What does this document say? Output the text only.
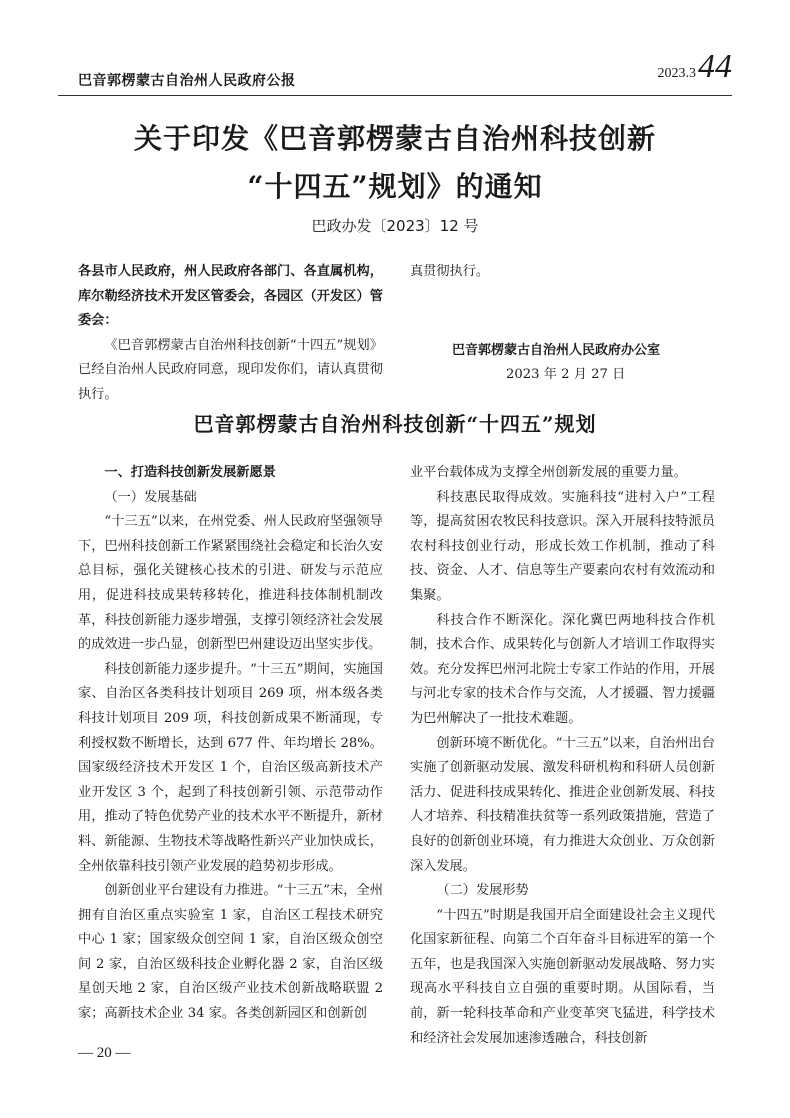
巴音郭楞蒙古自治州人民政府公报	2023.3 44
关于印发《巴音郭楞蒙古自治州科技创新
“十四五”规划》的通知
巴政办发〔2023〕12 号

各县市人民政府，州人民政府各部门、各直属机构，库尔勒经济技术开发区管委会，各园区（开发区）管委会：

《巴音郭楞蒙古自治州科技创新“十四五”规划》已经自治州人民政府同意，现印发你们，请认真贯彻执行。

真贯彻执行。

巴音郭楞蒙古自治州人民政府办公室
2023 年 2 月 27 日
巴音郭楞蒙古自治州科技创新“十四五”规划

一、打造科技创新发展新愿景

（一）发展基础

“十三五”以来，在州党委、州人民政府坚强领导下，巴州科技创新工作紧紧围绕社会稳定和长治久安总目标，强化关键核心技术的引进、研发与示范应用，促进科技成果转移转化，推进科技体制机制改革，科技创新能力逐步增强，支撑引领经济社会发展的成效进一步凸显，创新型巴州建设迈出坚实步伐。

科技创新能力逐步提升。“十三五”期间，实施国家、自治区各类科技计划项目 269 项，州本级各类科技计划项目 209 项，科技创新成果不断涌现，专利授权数不断增长，达到 677 件、年均增长 28%。国家级经济技术开发区 1 个，自治区级高新技术产业开发区 3 个，起到了科技创新引领、示范带动作用，推动了特色优势产业的技术水平不断提升，新材料、新能源、生物技术等战略性新兴产业加快成长，全州依靠科技引领产业发展的趋势初步形成。

创新创业平台建设有力推进。“十三五”末，全州拥有自治区重点实验室 1 家，自治区工程技术研究中心 1 家；国家级众创空间 1 家，自治区级众创空间 2 家，自治区级科技企业孵化器 2 家，自治区级星创天地 2 家，自治区级产业技术创新战略联盟 2 家；高新技术企业 34 家。各类创新园区和创新创

业平台载体成为支撑全州创新发展的重要力量。

科技惠民取得成效。实施科技“进村入户”工程等，提高贫困农牧民科技意识。深入开展科技特派员农村科技创业行动，形成长效工作机制，推动了科技、资金、人才、信息等生产要素向农村有效流动和集聚。

科技合作不断深化。深化冀巴两地科技合作机制，技术合作、成果转化与创新人才培训工作取得实效。充分发挥巴州河北院士专家工作站的作用，开展与河北专家的技术合作与交流，人才援疆、智力援疆为巴州解决了一批技术难题。

创新环境不断优化。“十三五”以来，自治州出台实施了创新驱动发展、激发科研机构和科研人员创新活力、促进科技成果转化、推进企业创新发展、科技人才培养、科技精准扶贫等一系列政策措施，营造了良好的创新创业环境，有力推进大众创业、万众创新深入发展。

（二）发展形势

“十四五”时期是我国开启全面建设社会主义现代化国家新征程、向第二个百年奋斗目标进军的第一个五年，也是我国深入实施创新驱动发展战略、努力实现高水平科技自立自强的重要时期。从国际看，当前，新一轮科技革命和产业变革突飞猛进，科学技术和经济社会发展加速渗透融合，科技创新

— 20 —
